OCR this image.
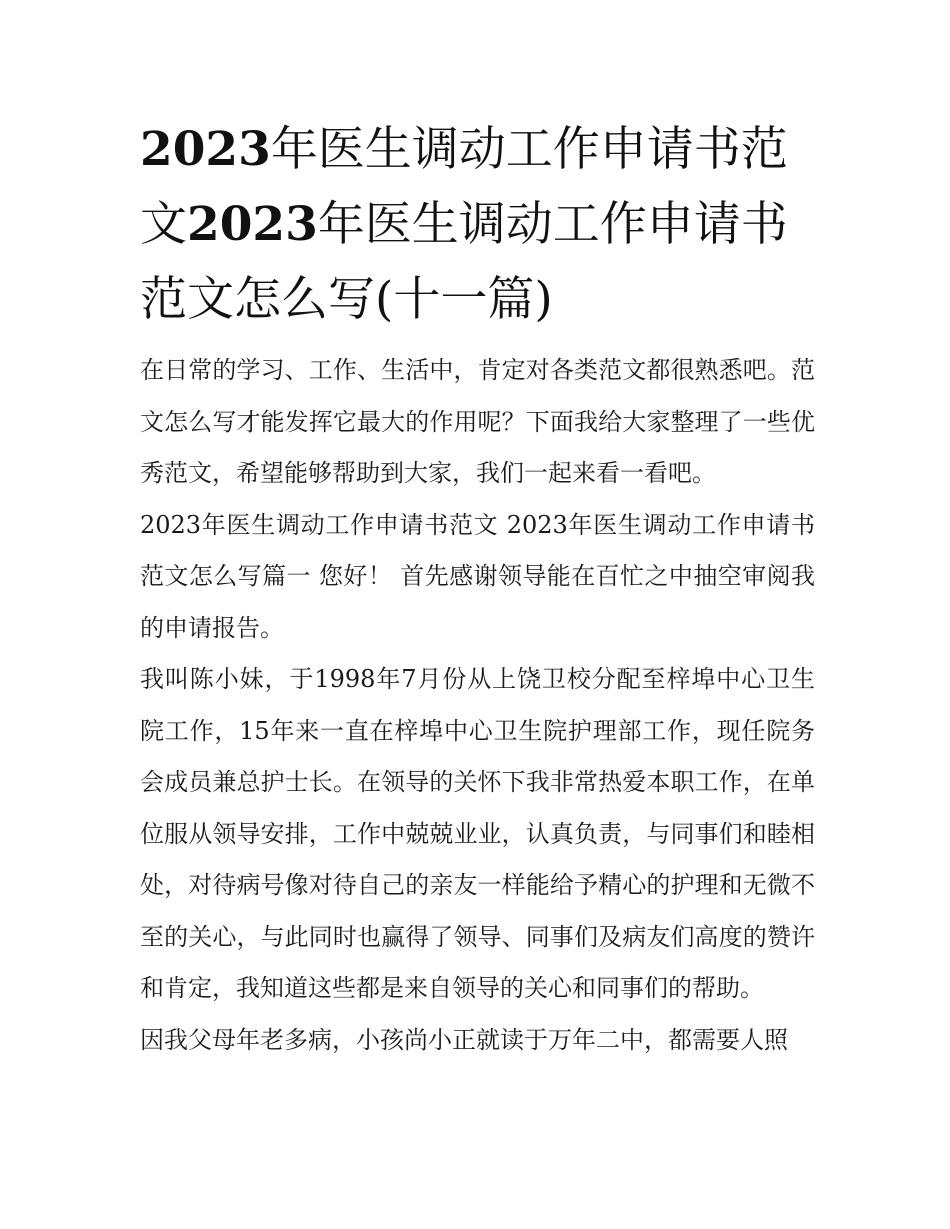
2023年医生调动工作申请书范文2023年医生调动工作申请书范文怎么写(十一篇)

在日常的学习、工作、生活中，肯定对各类范文都很熟悉吧。范文怎么写才能发挥它最大的作用呢？下面我给大家整理了一些优秀范文，希望能够帮助到大家，我们一起来看一看吧。

2023年医生调动工作申请书范文 2023年医生调动工作申请书范文怎么写篇一 您好！ 首先感谢领导能在百忙之中抽空审阅我的申请报告。

我叫陈小妹，于1998年7月份从上饶卫校分配至梓埠中心卫生院工作，15年来一直在梓埠中心卫生院护理部工作，现任院务会成员兼总护士长。在领导的关怀下我非常热爱本职工作，在单位服从领导安排，工作中兢兢业业，认真负责，与同事们和睦相处，对待病号像对待自己的亲友一样能给予精心的护理和无微不至的关心，与此同时也赢得了领导、同事们及病友们高度的赞许和肯定，我知道这些都是来自领导的关心和同事们的帮助。

因我父母年老多病，小孩尚小正就读于万年二中，都需要人照
